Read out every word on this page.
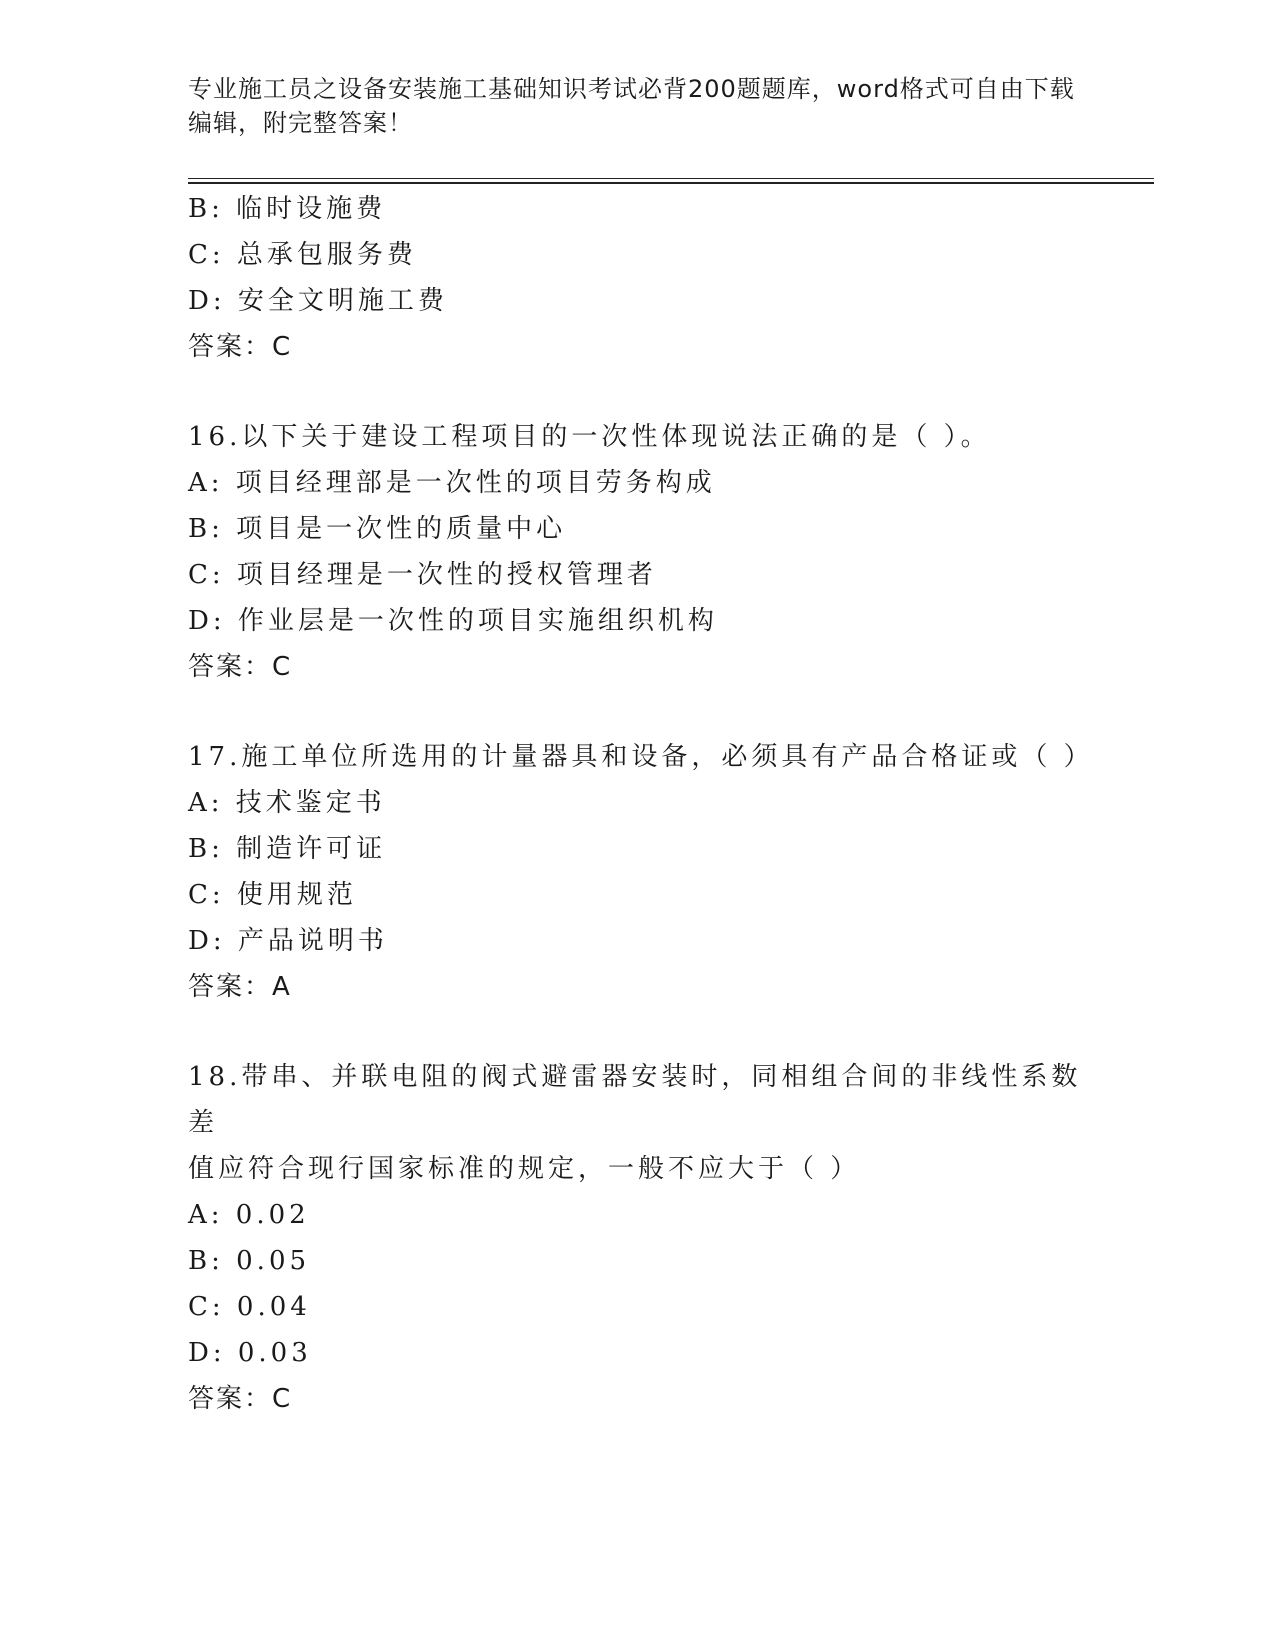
专业施工员之设备安装施工基础知识考试必背200题题库，word格式可自由下载
编辑，附完整答案！
B: 临时设施费
C: 总承包服务费
D: 安全文明施工费
答案：C
16.以下关于建设工程项目的一次性体现说法正确的是（ ）。
A: 项目经理部是一次性的项目劳务构成
B: 项目是一次性的质量中心
C: 项目经理是一次性的授权管理者
D: 作业层是一次性的项目实施组织机构
答案：C
17.施工单位所选用的计量器具和设备，必须具有产品合格证或（ ）
A: 技术鉴定书
B: 制造许可证
C: 使用规范
D: 产品说明书
答案：A
18.带串、并联电阻的阀式避雷器安装时，同相组合间的非线性系数差
值应符合现行国家标准的规定，一般不应大于（ ）
A: 0.02
B: 0.05
C: 0.04
D: 0.03
答案：C
